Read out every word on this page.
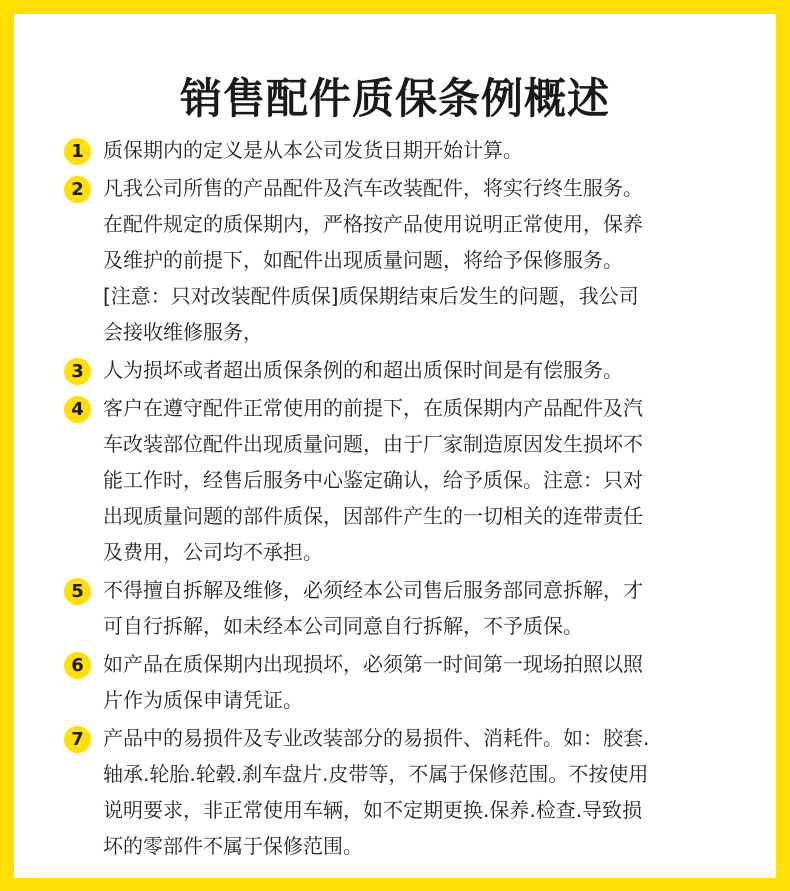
销售配件质保条例概述
1 质保期内的定义是从本公司发货日期开始计算。
2 凡我公司所售的产品配件及汽车改装配件，将实行终生服务。
在配件规定的质保期内，严格按产品使用说明正常使用，保养
及维护的前提下，如配件出现质量问题，将给予保修服务。
[注意：只对改装配件质保]质保期结束后发生的问题，我公司
会接收维修服务，
3 人为损坏或者超出质保条例的和超出质保时间是有偿服务。
4 客户在遵守配件正常使用的前提下，在质保期内产品配件及汽
车改装部位配件出现质量问题，由于厂家制造原因发生损坏不
能工作时，经售后服务中心鉴定确认，给予质保。注意：只对
出现质量问题的部件质保，因部件产生的一切相关的连带责任
及费用，公司均不承担。
5 不得擅自拆解及维修，必须经本公司售后服务部同意拆解，才
可自行拆解，如未经本公司同意自行拆解，不予质保。
6 如产品在质保期内出现损坏，必须第一时间第一现场拍照以照
片作为质保申请凭证。
7 产品中的易损件及专业改装部分的易损件、消耗件。如：胶套.
轴承.轮胎.轮毂.刹车盘片.皮带等，不属于保修范围。不按使用
说明要求，非正常使用车辆，如不定期更换.保养.检查.导致损
坏的零部件不属于保修范围。
